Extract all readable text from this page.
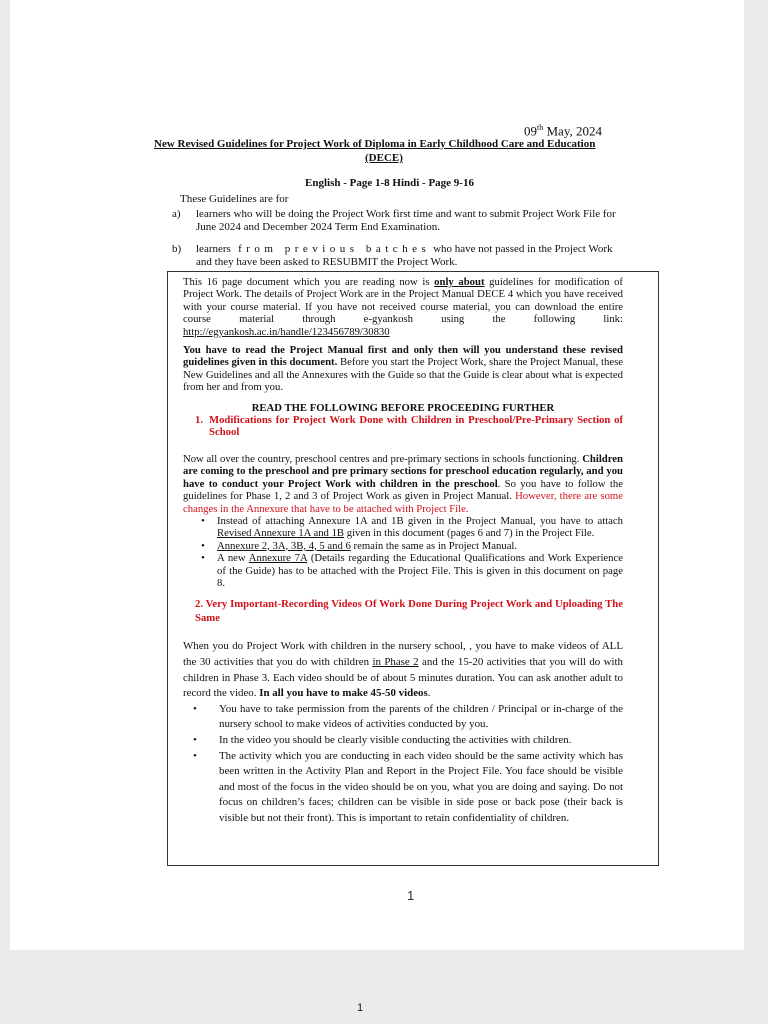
09th May, 2024
New Revised Guidelines for Project Work of Diploma in Early Childhood Care and Education
(DECE)
English - Page 1-8 Hindi - Page 9-16
These Guidelines are for
a) learners who will be doing the Project Work first time and want to submit Project Work File for June 2024 and December 2024 Term End Examination.
b) learners from previous batches who have not passed in the Project Work and they have been asked to RESUBMIT the Project Work.

This 16 page document which you are reading now is only about guidelines for modification of Project Work. The details of Project Work are in the Project Manual DECE 4 which you have received with your course material. If you have not received course material, you can download the entire course material through e-gyankosh using the following link: http://egyankosh.ac.in/handle/123456789/30830

You have to read the Project Manual first and only then will you understand these revised guidelines given in this document. Before you start the Project Work, share the Project Manual, these New Guidelines and all the Annexures with the Guide so that the Guide is clear about what is expected from her and from you.

READ THE FOLLOWING BEFORE PROCEEDING FURTHER

1. Modifications for Project Work Done with Children in Preschool/Pre-Primary Section of School

Now all over the country, preschool centres and pre-primary sections in schools functioning. Children are coming to the preschool and pre primary sections for preschool education regularly, and you have to conduct your Project Work with children in the preschool. So you have to follow the guidelines for Phase 1, 2 and 3 of Project Work as given in Project Manual. However, there are some changes in the Annexure that have to be attached with Project File.

• Instead of attaching Annexure 1A and 1B given in the Project Manual, you have to attach Revised Annexure 1A and 1B given in this document (pages 6 and 7) in the Project File.
• Annexure 2, 3A, 3B, 4, 5 and 6 remain the same as in Project Manual.
• A new Annexure 7A (Details regarding the Educational Qualifications and Work Experience of the Guide) has to be attached with the Project File. This is given in this document on page 8.

2. Very Important-Recording Videos Of Work Done During Project Work and Uploading The Same

When you do Project Work with children in the nursery school, , you have to make videos of ALL the 30 activities that you do with children in Phase 2 and the 15-20 activities that you will do with children in Phase 3. Each video should be of about 5 minutes duration. You can ask another adult to record the video. In all you have to make 45-50 videos.

• You have to take permission from the parents of the children / Principal or in-charge of the nursery school to make videos of activities conducted by you.
• In the video you should be clearly visible conducting the activities with children.
• The activity which you are conducting in each video should be the same activity which has been written in the Activity Plan and Report in the Project File. You face should be visible and most of the focus in the video should be on you, what you are doing and saying. Do not focus on children’s faces; children can be visible in side pose or back pose (their back is visible but not their front). This is important to retain confidentiality of children.
1
1
